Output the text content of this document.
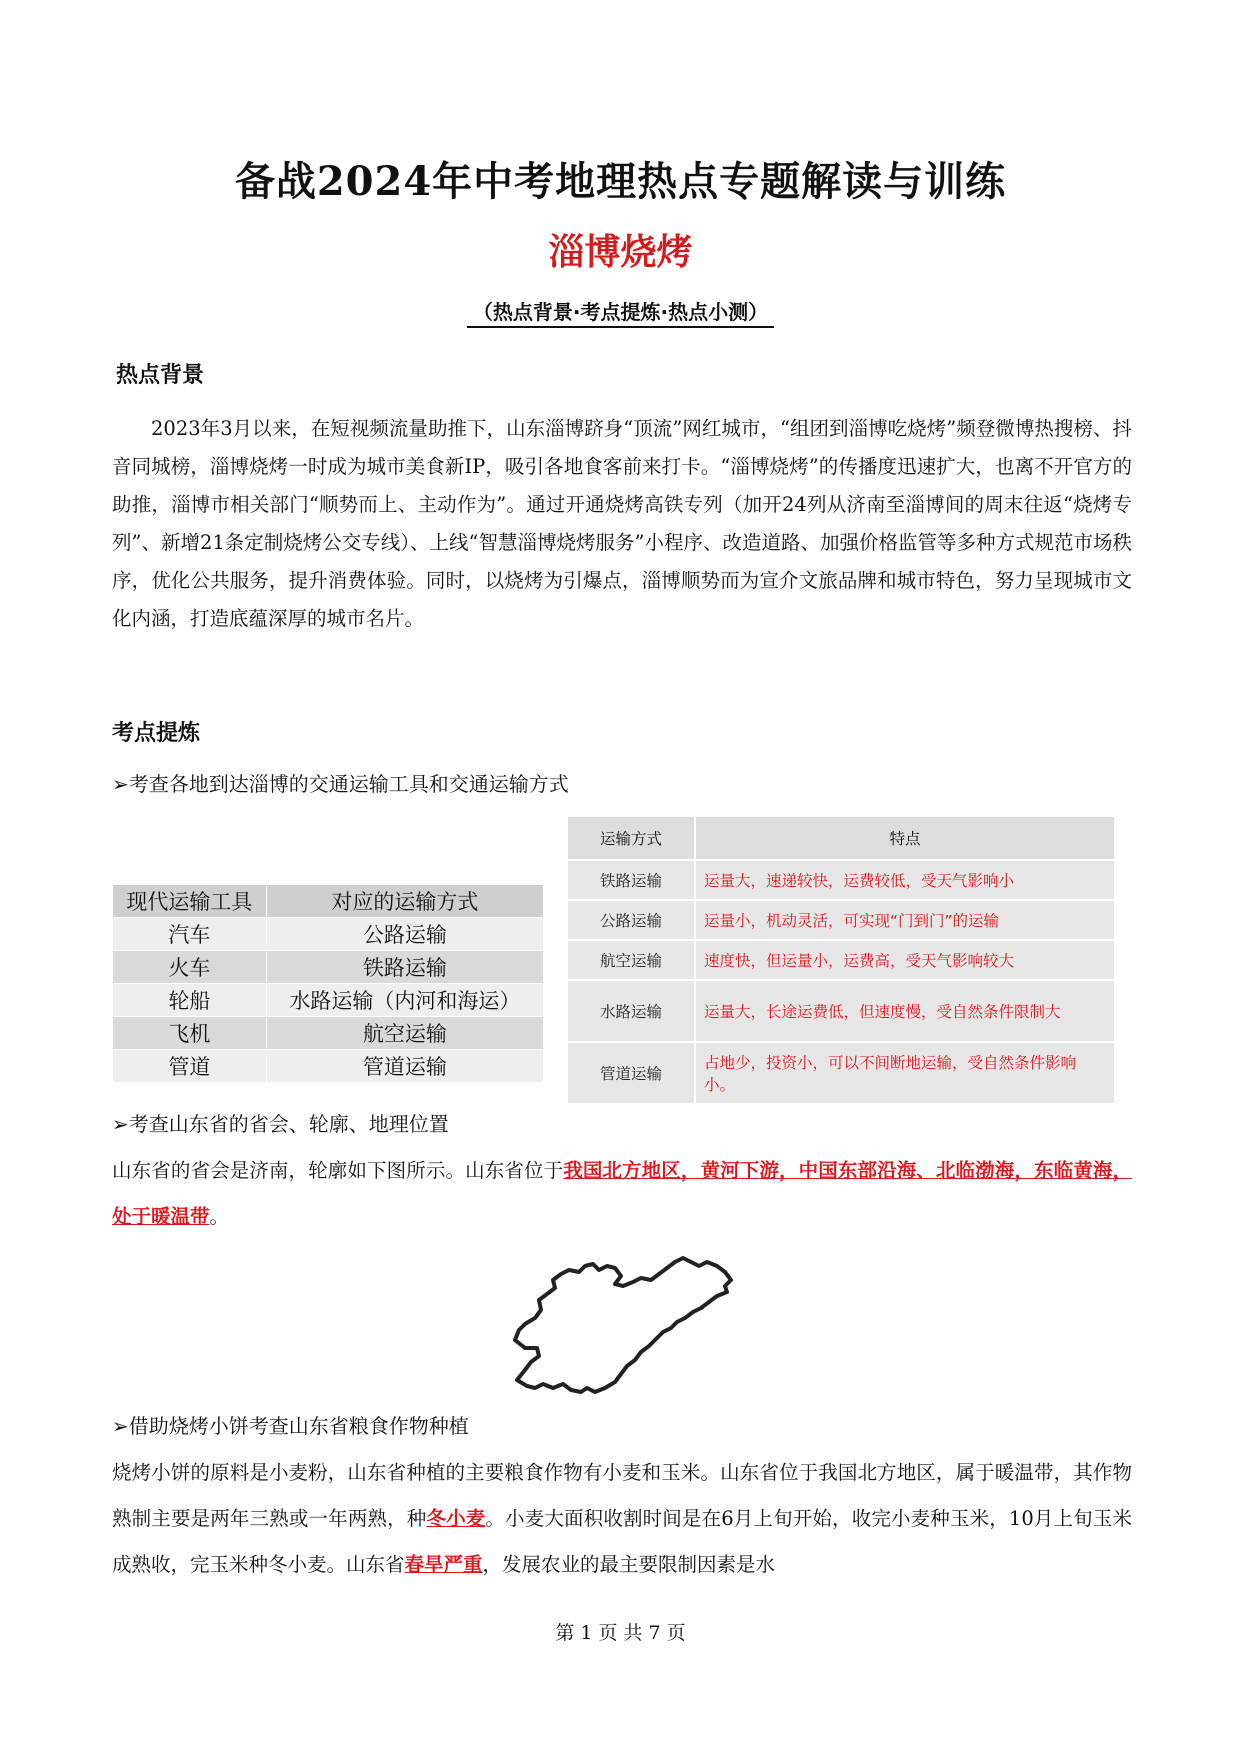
备战2024年中考地理热点专题解读与训练
淄博烧烤
（热点背景·考点提炼·热点小测）
热点背景

2023年3月以来，在短视频流量助推下，山东淄博跻身“顶流”网红城市，“组团到淄博吃烧烤”频登微博热搜榜、抖音同城榜，淄博烧烤一时成为城市美食新IP，吸引各地食客前来打卡。“淄博烧烤”的传播度迅速扩大，也离不开官方的助推，淄博市相关部门“顺势而上、主动作为”。通过开通烧烤高铁专列（加开24列从济南至淄博间的周末往返“烧烤专列”、新增21条定制烧烤公交专线）、上线“智慧淄博烧烤服务”小程序、改造道路、加强价格监管等多种方式规范市场秩序，优化公共服务，提升消费体验。同时，以烧烤为引爆点，淄博顺势而为宣介文旅品牌和城市特色，努力呈现城市文化内涵，打造底蕴深厚的城市名片。

考点提炼
➢考查各地到达淄博的交通运输工具和交通运输方式
现代运输工具	对应的运输方式
汽车	公路运输
火车	铁路运输
轮船	水路运输（内河和海运）
飞机	航空运输
管道	管道运输
运输方式	特点
铁路运输	运量大，速递较快，运费较低，受天气影响小
公路运输	运量小，机动灵活，可实现“门到门”的运输
航空运输	速度快，但运量小，运费高，受天气影响较大
水路运输	运量大，长途运费低，但速度慢，受自然条件限制大
管道运输	占地少，投资小，可以不间断地运输，受自然条件影响小。
➢考查山东省的省会、轮廓、地理位置

山东省的省会是济南，轮廓如下图所示。山东省位于我国北方地区，黄河下游，中国东部沿海、北临渤海，东临黄海，处于暖温带。

➢借助烧烤小饼考查山东省粮食作物种植

烧烤小饼的原料是小麦粉，山东省种植的主要粮食作物有小麦和玉米。山东省位于我国北方地区，属于暖温带，其作物熟制主要是两年三熟或一年两熟，种冬小麦。小麦大面积收割时间是在6月上旬开始，收完小麦种玉米，10月上旬玉米成熟收，完玉米种冬小麦。山东省春旱严重，发展农业的最主要限制因素是水

第 1 页 共 7 页
